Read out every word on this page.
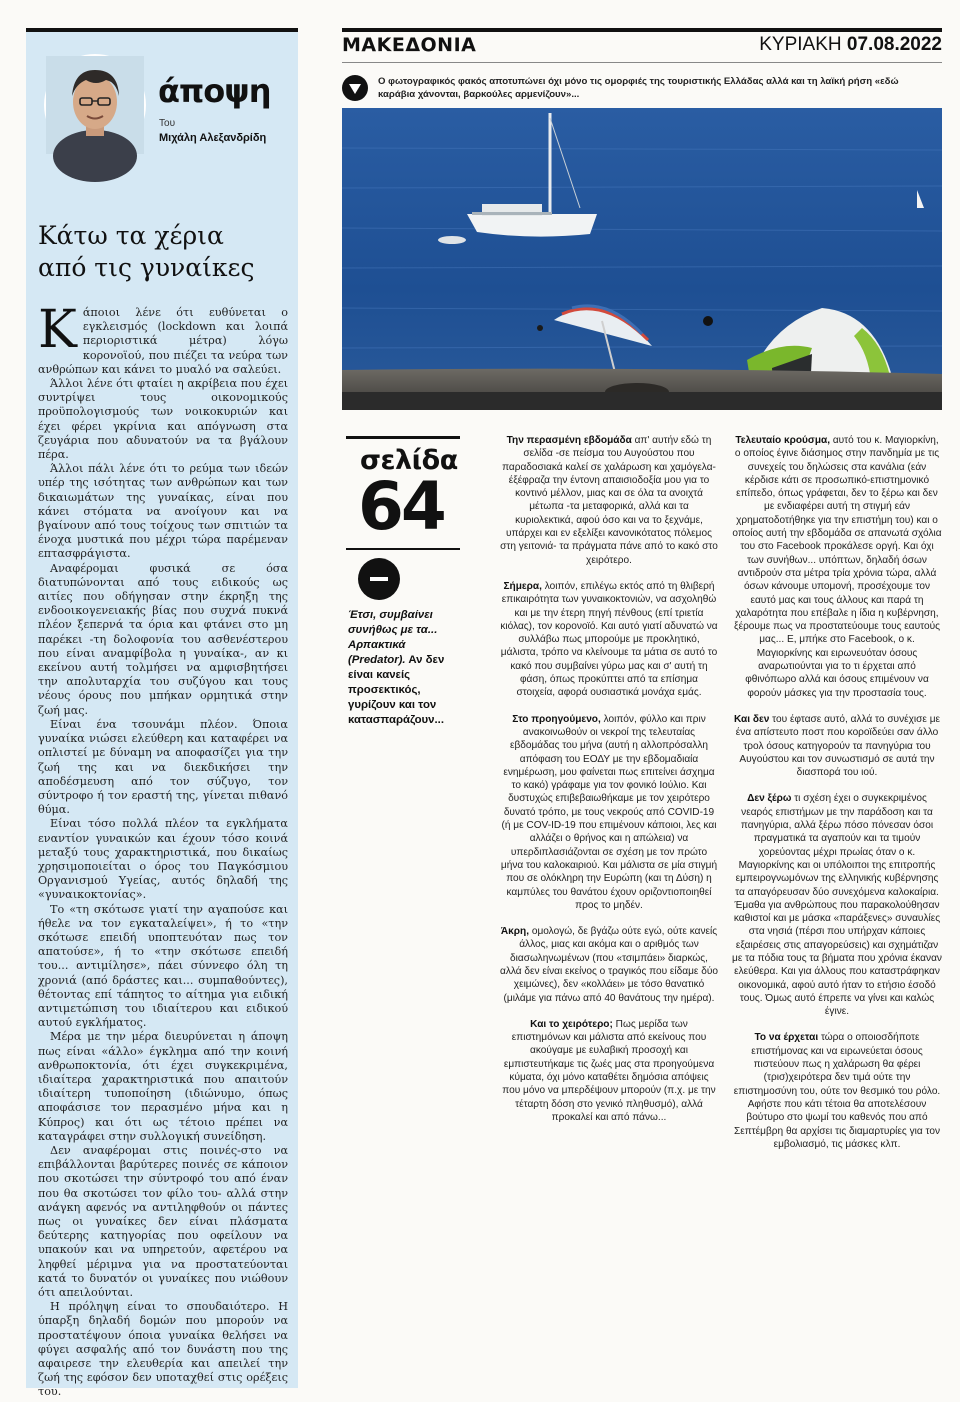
άποψη
Του
Μιχάλη Αλεξανδρίδη
Κάτω τα χέρια
από τις γυναίκες

Κάποιοι λένε ότι ευθύνεται ο εγκλεισμός (lockdown και λοιπά περιοριστικά μέτρα) λόγω κορονοϊού, που πιέζει τα νεύρα των ανθρώπων και κάνει το μυαλό να σαλεύει.

Άλλοι λένε ότι φταίει η ακρίβεια που έχει συντρίψει τους οικονομικούς προϋπολογισμούς των νοικοκυριών και έχει φέρει γκρίνια και απόγνωση στα ζευγάρια που αδυνατούν να τα βγάλουν πέρα.

Άλλοι πάλι λένε ότι το ρεύμα των ιδεών υπέρ της ισότητας των ανθρώπων και των δικαιωμάτων της γυναίκας, είναι που κάνει στόματα να ανοίγουν και να βγαίνουν από τους τοίχους των σπιτιών τα ένοχα μυστικά που μέχρι τώρα παρέμεναν επτασφράγιστα.

Αναφέρομαι φυσικά σε όσα διατυπώνονται από τους ειδικούς ως αιτίες που οδήγησαν στην έκρηξη της ενδοοικογενειακής βίας που συχνά πυκνά πλέον ξεπερνά τα όρια και φτάνει στο μη παρέκει -τη δολοφονία του ασθενέστερου που είναι αναμφίβολα η γυναίκα-, αν κι εκείνου αυτή τολμήσει να αμφισβητήσει την απολυταρχία του συζύγου και τους νέους όρους που μπήκαν ορμητικά στην ζωή μας.

Είναι ένα τσουνάμι πλέον. Όποια γυναίκα νιώσει ελεύθερη και καταφέρει να οπλιστεί με δύναμη να αποφασίζει για την ζωή της και να διεκδικήσει την αποδέσμευση από τον σύζυγο, τον σύντροφο ή τον εραστή της, γίνεται πιθανό θύμα.

Είναι τόσο πολλά πλέον τα εγκλήματα εναντίον γυναικών και έχουν τόσο κοινά μεταξύ τους χαρακτηριστικά, που δικαίως χρησιμοποιείται ο όρος του Παγκόσμιου Οργανισμού Υγείας, αυτός δηλαδή της «γυναικοκτονίας».

Το «τη σκότωσε γιατί την αγαπούσε και ήθελε να τον εγκαταλείψει», ή το «την σκότωσε επειδή υποπτευόταν πως τον απατούσε», ή το «την σκότωσε επειδή του... αντιμίλησε», πάει σύννεφο όλη τη χρονιά (από δράστες και... συμπαθούντες), θέτοντας επί τάπητος το αίτημα για ειδική αντιμετώπιση του ιδιαίτερου και ειδικού αυτού εγκλήματος.

Μέρα με την μέρα διευρύνεται η άποψη πως είναι «άλλο» έγκλημα από την κοινή ανθρωποκτονία, ότι έχει συγκεκριμένα, ιδιαίτερα χαρακτηριστικά που απαιτούν ιδιαίτερη τυποποίηση (ιδιώνυμο, όπως αποφάσισε τον περασμένο μήνα και η Κύπρος) και ότι ως τέτοιο πρέπει να καταγράφει στην συλλογική συνείδηση.

Δεν αναφέρομαι στις ποινές-στο να επιβάλλονται βαρύτερες ποινές σε κάποιον που σκοτώσει την σύντροφό του από έναν που θα σκοτώσει τον φίλο του- αλλά στην ανάγκη αφενός να αντιληφθούν οι πάντες πως οι γυναίκες δεν είναι πλάσματα δεύτερης κατηγορίας που οφείλουν να υπακούν και να υπηρετούν, αφετέρου να ληφθεί μέριμνα για να προστατεύονται κατά το δυνατόν οι γυναίκες που νιώθουν ότι απειλούνται.

Η πρόληψη είναι το σπουδαιότερο. Η ύπαρξη δηλαδή δομών που μπορούν να προστατέψουν όποια γυναίκα θελήσει να φύγει ασφαλής από τον δυνάστη που της αφαιρεσε την ελευθερία και απειλεί την ζωή της εφόσον δεν υποταχθεί στις ορέξεις του.

ΜΑΚΕΔΟΝΙΑ	ΚΥΡΙΑΚΗ 07.08.2022
Ο φωτογραφικός φακός αποτυπώνει όχι μόνο τις ομορφιές της τουριστικής Ελλάδας αλλά και τη λαϊκή ρήση «εδώ καράβια χάνονται, βαρκούλες αρμενίζουν»...
σελίδα
64
Έτσι, συμβαίνει συνήθως με τα... Αρπακτικά (Predator). Αν δεν είναι κανείς προσεκτικός, γυρίζουν και τον κατασπαράζουν...

Την περασμένη εβδομάδα απ' αυτήν εδώ τη σελίδα -σε πείσμα του Αυγούστου που παραδοσιακά καλεί σε χαλάρωση και χαμόγελα- έξέφραζα την έντονη απαισιοδοξία μου για το κοντινό μέλλον, μιας και σε όλα τα ανοιχτά μέτωπα -τα μεταφορικά, αλλά και τα κυριολεκτικά, αφού όσο και να το ξεχνάμε, υπάρχει και εν εξελίξει κανονικότατος πόλεμος στη γειτονιά- τα πράγματα πάνε από το κακό στο χειρότερο.

Σήμερα, λοιπόν, επιλέγω εκτός από τη θλιβερή επικαιρότητα των γυναικοκτονιών, να ασχοληθώ και με την έτερη πηγή πένθους (επί τριετία κιόλας), τον κορονοϊό. Και αυτό γιατί αδυνατώ να συλλάβω πως μπορούμε με προκλητικό, μάλιστα, τρόπο να κλείνουμε τα μάτια σε αυτό το κακό που συμβαίνει γύρω μας και σ' αυτή τη φάση, όπως προκύπτει από τα επίσημα στοιχεία, αφορά ουσιαστικά μονάχα εμάς.

Στο προηγούμενο, λοιπόν, φύλλο και πριν ανακοινωθούν οι νεκροί της τελευταίας εβδομάδας του μήνα (αυτή η αλλοπρόσαλλη απόφαση του ΕΟΔΥ με την εβδομαδιαία ενημέρωση, μου φαίνεται πως επιτείνει άσχημα το κακό) γράφαμε για τον φονικό Ιούλιο. Και δυστυχώς επιβεβαιωθήκαμε με τον χειρότερο δυνατό τρόπο, με τους νεκρούς από COVID-19 (ή με COV-ID-19 που επιμένουν κάποιοι, λες και αλλάζει ο θρήνος και η απώλεια) να υπερδιπλασιάζονται σε σχέση με τον πρώτο μήνα του καλοκαιριού. Και μάλιστα σε μία στιγμή που σε ολόκληρη την Ευρώπη (και τη Δύση) η καμπύλες του θανάτου έχουν οριζοντιοποιηθεί προς το μηδέν.

Άκρη, ομολογώ, δε βγάζω ούτε εγώ, ούτε κανείς άλλος, μιας και ακόμα και ο αριθμός των διασωληνωμένων (που «τσιμπάει» διαρκώς, αλλά δεν είναι εκείνος ο τραγικός που είδαμε δύο χειμώνες), δεν «κολλάει» με τόσο θανατικό (μιλάμε για πάνω από 40 θανάτους την ημέρα).

Και το χειρότερο; Πως μερίδα των επιστημόνων και μάλιστα από εκείνους που ακούγαμε με ευλαβική προσοχή και εμπιστευτήκαμε τις ζωές μας στα προηγούμενα κύματα, όχι μόνο καταθέτει δημόσια απόψεις που μόνο να μπερδέψουν μπορούν (π.χ. με την τέταρτη δόση στο γενικό πληθυσμό), αλλά προκαλεί και από πάνω...

Τελευταίο κρούσμα, αυτό του κ. Μαγιορκίνη, ο οποίος έγινε διάσημος στην πανδημία με τις συνεχείς του δηλώσεις στα κανάλια (εάν κέρδισε κάτι σε προσωπικό-επιστημονικό επίπεδο, όπως γράφεται, δεν το ξέρω και δεν με ενδιαφέρει αυτή τη στιγμή εάν χρηματοδοτήθηκε για την επιστήμη του) και ο οποίος αυτή την εβδομάδα σε απανωτά σχόλια του στο Facebook προκάλεσε οργή. Και όχι των συνήθων... υπόπτων, δηλαδή όσων αντιδρούν στα μέτρα τρία χρόνια τώρα, αλλά όσων κάνουμε υπομονή, προσέχουμε τον εαυτό μας και τους άλλους και παρά τη χαλαρότητα που επέβαλε η ίδια η κυβέρνηση, ξέρουμε πως να προστατεύουμε τους εαυτούς μας... Ε, μπήκε στο Facebook, ο κ. Μαγιορκίνης και ειρωνευόταν όσους αναρωτιούνται για το τι έρχεται από φθινόπωρο αλλά και όσους επιμένουν να φορούν μάσκες για την προστασία τους.

Και δεν του έφτασε αυτό, αλλά το συνέχισε με ένα απίστευτο ποστ που κοροϊδεύει σαν άλλο τρολ όσους κατηγορούν τα πανηγύρια του Αυγούστου και τον συνωστισμό σε αυτά την διασπορά του ιού.

Δεν ξέρω τι σχέση έχει ο συγκεκριμένος νεαρός επιστήμων με την παράδοση και τα πανηγύρια, αλλά ξέρω πόσο πόνεσαν όσοι πραγματικά τα αγαπούν και τα τιμούν χορεύοντας μέχρι πρωίας όταν ο κ. Μαγιορκίνης και οι υπόλοιποι της επιτροπής εμπειρογνωμόνων της ελληνικής κυβέρνησης τα απαγόρευσαν δύο συνεχόμενα καλοκαίρια. Έμαθα για ανθρώπους που παρακολούθησαν καθιστοί και με μάσκα «παράξενες» συναυλίες στα νησιά (πέρσι που υπήρχαν κάποιες εξαιρέσεις στις απαγορεύσεις) και σχημάτιζαν με τα πόδια τους τα βήματα που χρόνια έκαναν ελεύθερα. Και για άλλους που καταστράφηκαν οικονομικά, αφού αυτό ήταν το ετήσιο έσοδό τους. Όμως αυτό έπρεπε να γίνει και καλώς έγινε.

Το να έρχεται τώρα ο οποιοσδήποτε επιστήμονας και να ειρωνεύεται όσους πιστεύουν πως η χαλάρωση θα φέρει (τρισ)χειρότερα δεν τιμά ούτε την επιστημοσύνη του, ούτε τον θεσμικό του ρόλο. Αφήστε που κάτι τέτοια θα αποτελέσουν βούτυρο στο ψωμί του καθενός που από Σεπτέμβρη θα αρχίσει τις διαμαρτυρίες για τον εμβολιασμό, τις μάσκες κλπ.
